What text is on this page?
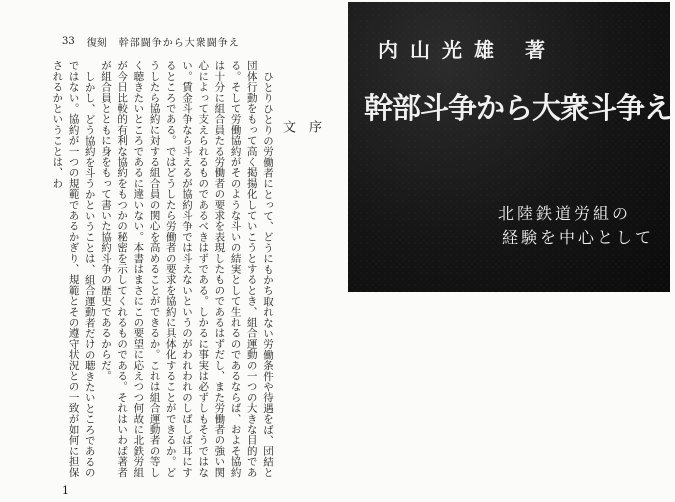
33 復刻 幹部闘争から大衆闘争え

ひとりひとりの労働者にとって、どうにもかち取れない労働条件や待遇をば、団結と団体行動をもって高く掲揚化していこうとするとき、組合運動の一つの大きな目的である。そして労働協約がそのような斗いの結実として生れるのであるならば、およそ協約は十分に組合員たる労働者の要求を表現したものであるはずだし、また労働者の強い関心によって支えられるものであるべきはずである。しかるに事実は必ずしもそうではない。賃金斗争なら斗えるが協約斗争では斗えないというのがわれわれのしばしば耳にするところである。ではどうしたら労働者の要求を協約に具体化することができるか。どうしたら協約に対する組合員の関心を高めることができるか。これは組合運動者の等しく聴きたいところであるに違いない。本書はまさにこの要望に応えつつ何故に北鉄労組が今日比較的有利な協約をもつかの秘密を示してくれるものである。それはいわば著者が組合員とともに身をもって書いた協約斗争の歴史であるからだ。

しかし、どう協約を斗うかということは、組合運動者だけの聴きたいところであるのではない。協約が一つの規範であるかぎり、規範とその遵守状況との一致が如何に担保されるかということは、わ	序　文
1
内山光雄 著
幹部斗争から大衆斗争え
北陸鉄道労組の
経験を中心として
